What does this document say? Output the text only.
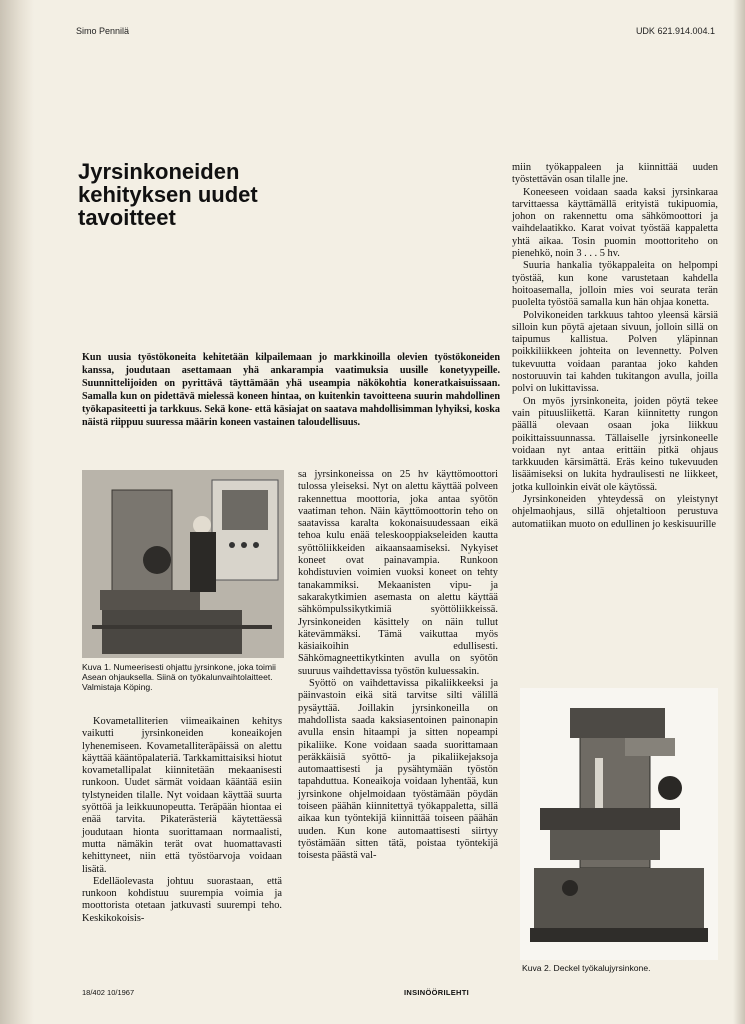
Simo Pennilä	UDK 621.914.004.1
Jyrsinkoneiden kehityksen uudet tavoitteet

Kun uusia työstökoneita kehitetään kilpailemaan jo markkinoilla olevien työstökoneiden kanssa, joudutaan asettamaan yhä ankarampia vaatimuksia uusille konetyypeille. Suunnittelijoiden on pyrittävä täyttämään yhä useampia näkökohtia koneratkaisuissaan. Samalla kun on pidettävä mielessä koneen hintaa, on kuitenkin tavoitteena suurin mahdollinen työkapasiteetti ja tarkkuus. Sekä kone- että käsiajat on saatava mahdollisimman lyhyiksi, koska näistä riippuu suuressa määrin koneen vastainen taloudellisuus.

Kuva 1. Numeerisesti ohjattu jyrsinkone, joka toimii Asean ohjauksella. Siinä on työkalunvaihtolaitteet. Valmistaja Köping.

Kovametalliterien viimeaikainen kehitys vaikutti jyrsinkoneiden koneaikojen lyhenemiseen. Kovametalliteräpäissä on alettu käyttää kääntöpalateriä. Tarkkamittaisiksi hiotut kovametallipalat kiinnitetään mekaanisesti runkoon. Uudet särmät voidaan kääntää esiin tylstyneiden tilalle. Nyt voidaan käyttää suurta syöttöä ja leikkuunopeutta. Teräpään hiontaa ei enää tarvita. Pikaterästeriä käytettäessä joudutaan hionta suorittamaan normaalisti, mutta nämäkin terät ovat huomattavasti kehittyneet, niin että työstöarvoja voidaan lisätä.

Edelläolevasta johtuu suorastaan, että runkoon kohdistuu suurempia voimia ja moottorista otetaan jatkuvasti suurempi teho. Keskikokoisis-

sa jyrsinkoneissa on 25 hv käyttömoottori tulossa yleiseksi. Nyt on alettu käyttää polveen rakennettua moottoria, joka antaa syötön vaatiman tehon. Näin käyttömoottorin teho on saatavissa karalta kokonaisuudessaan eikä tehoa kulu enää teleskooppiakseleiden kautta syöttöliikkeiden aikaansaamiseksi. Nykyiset koneet ovat painavampia. Runkoon kohdistuvien voimien vuoksi koneet on tehty tanakammiksi. Mekaanisten vipu- ja sakarakytkimien asemasta on alettu käyttää sähkömpulssikytkimiä syöttöliikkeissä. Jyrsinkoneiden käsittely on näin tullut kätevämmäksi. Tämä vaikuttaa myös käsiaikoihin edullisesti. Sähkömagneettikytkinten avulla on syötön suuruus vaihdettavissa työstön kuluessakin.

Syöttö on vaihdettavissa pikaliikkeeksi ja päinvastoin eikä sitä tarvitse silti välillä pysäyttää. Joillakin jyrsinkoneilla on mahdollista saada kaksiasentoinen painonapin avulla ensin hitaampi ja sitten nopeampi pikaliike. Kone voidaan saada suorittamaan peräkkäisiä syöttö- ja pikaliikejaksoja automaattisesti ja pysähtymään työstön tapahduttua. Koneaikoja voidaan lyhentää, kun jyrsinkone ohjelmoidaan työstämään pöydän toiseen päähän kiinnitettyä työkappaletta, sillä aikaa kun työntekijä kiinnittää toiseen päähän uuden. Kun kone automaattisesti siirtyy työstämään sitten tätä, poistaa työntekijä toisesta päästä val-

miin työkappaleen ja kiinnittää uuden työstettävän osan tilalle jne.

Koneeseen voidaan saada kaksi jyrsinkaraa tarvittaessa käyttämällä erityistä tukipuomia, johon on rakennettu oma sähkömoottori ja vaihdelaatikko. Karat voivat työstää kappaletta yhtä aikaa. Tosin puomin moottoriteho on pienehkö, noin 3 . . . 5 hv.

Suuria hankalia työkappaleita on helpompi työstää, kun kone varustetaan kahdella hoitoasemalla, jolloin mies voi seurata terän puolelta työstöä samalla kun hän ohjaa konetta.

Polvikoneiden tarkkuus tahtoo yleensä kärsiä silloin kun pöytä ajetaan sivuun, jolloin sillä on taipumus kallistua. Polven yläpinnan poikkiliikkeen johteita on levennetty. Polven tukevuutta voidaan parantaa joko kahden nostoruuvin tai kahden tukitangon avulla, joilla polvi on lukittavissa.

On myös jyrsinkoneita, joiden pöytä tekee vain pituusliikettä. Karan kiinnitetty rungon päällä olevaan osaan joka liikkuu poikittaissuunnassa. Tällaiselle jyrsinkoneelle voidaan nyt antaa erittäin pitkä ohjaus tarkkuuden kärsimättä. Eräs keino tukevuuden lisäämiseksi on lukita hydraulisesti ne liikkeet, jotka kulloinkin eivät ole käytössä.

Jyrsinkoneiden yhteydessä on yleistynyt ohjelmaohjaus, sillä ohjetaltioon perustuva automatiikan muoto on edullinen jo keskisuurille

Kuva 2. Deckel työkalujyrsinkone.
18/402 10/1967	INSINÖÖRILEHTI
